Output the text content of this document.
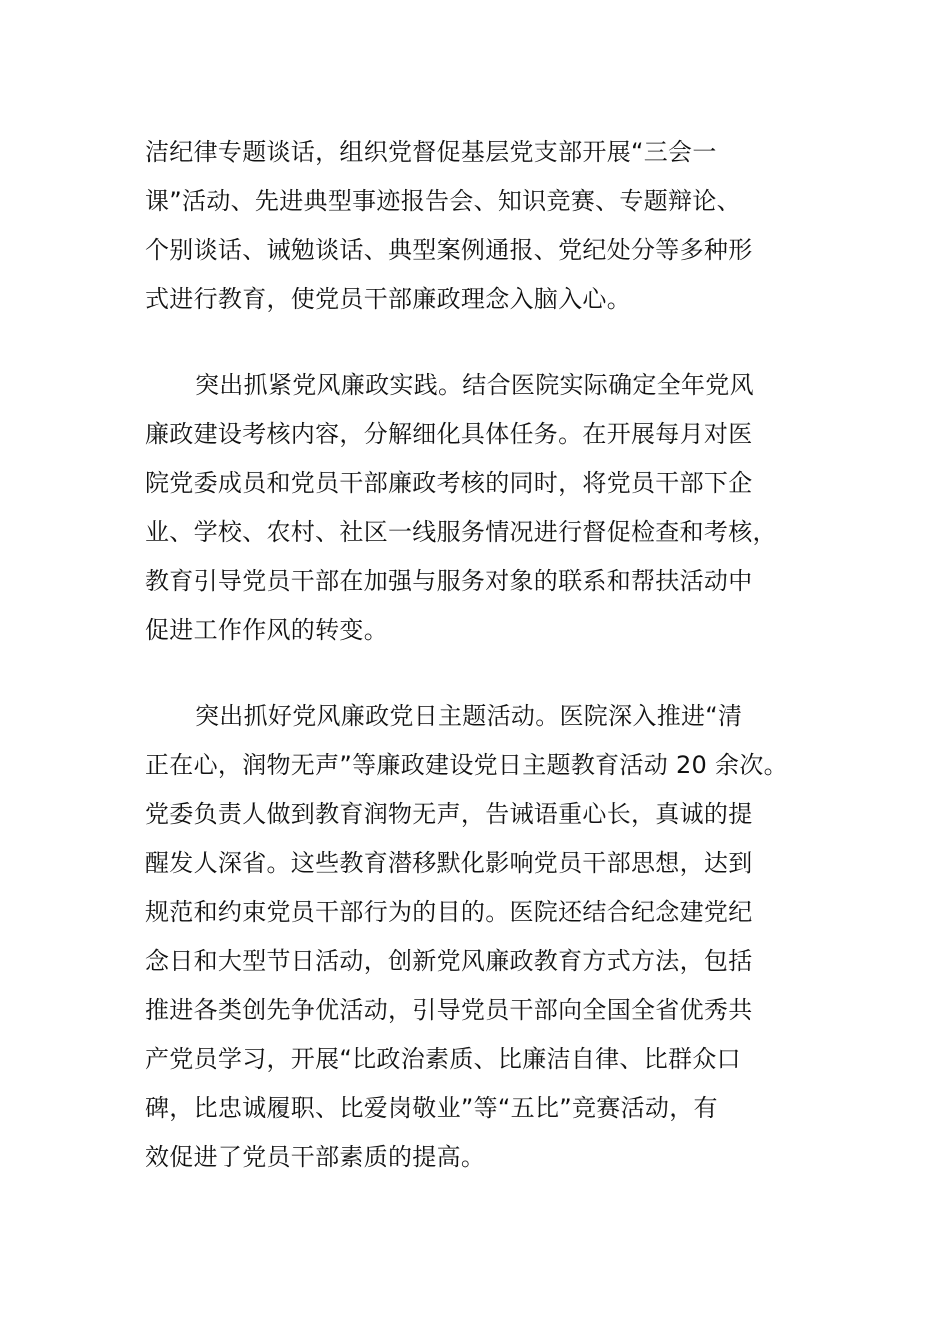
洁纪律专题谈话，组织党督促基层党支部开展“三会一
课”活动、先进典型事迹报告会、知识竞赛、专题辩论、
个别谈话、诫勉谈话、典型案例通报、党纪处分等多种形
式进行教育，使党员干部廉政理念入脑入心。
突出抓紧党风廉政实践。结合医院实际确定全年党风
廉政建设考核内容，分解细化具体任务。在开展每月对医
院党委成员和党员干部廉政考核的同时，将党员干部下企
业、学校、农村、社区一线服务情况进行督促检查和考核，
教育引导党员干部在加强与服务对象的联系和帮扶活动中
促进工作作风的转变。
突出抓好党风廉政党日主题活动。医院深入推进“清
正在心，润物无声”等廉政建设党日主题教育活动 20 余次。
党委负责人做到教育润物无声，告诫语重心长，真诚的提
醒发人深省。这些教育潜移默化影响党员干部思想，达到
规范和约束党员干部行为的目的。医院还结合纪念建党纪
念日和大型节日活动，创新党风廉政教育方式方法，包括
推进各类创先争优活动，引导党员干部向全国全省优秀共
产党员学习，开展“比政治素质、比廉洁自律、比群众口
碑，比忠诚履职、比爱岗敬业”等“五比”竞赛活动，有
效促进了党员干部素质的提高。
